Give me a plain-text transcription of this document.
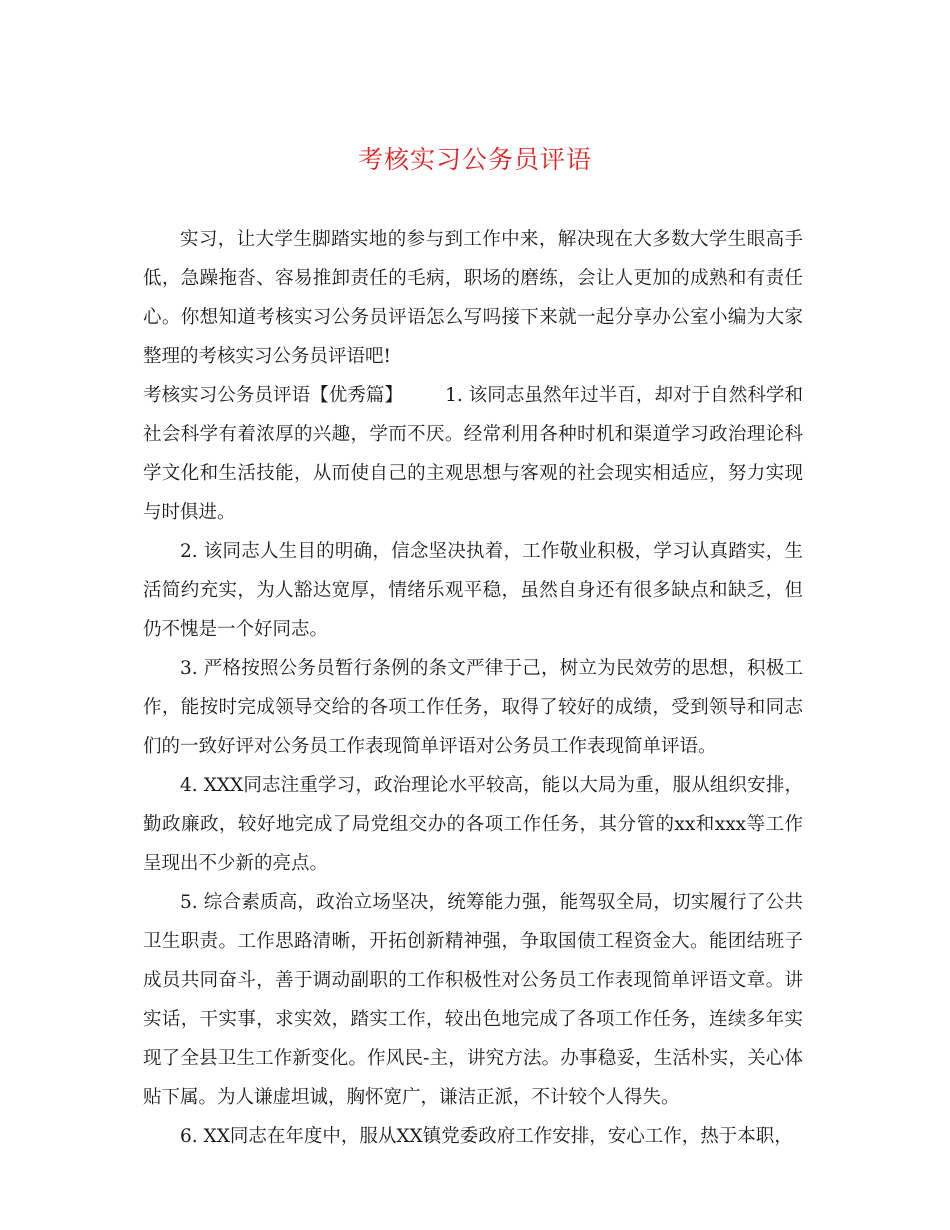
考核实习公务员评语

实习，让大学生脚踏实地的参与到工作中来，解决现在大多数大学生眼高手低，急躁拖沓、容易推卸责任的毛病，职场的磨练，会让人更加的成熟和有责任心。你想知道考核实习公务员评语怎么写吗接下来就一起分享办公室小编为大家整理的考核实习公务员评语吧!

考核实习公务员评语【优秀篇】 1. 该同志虽然年过半百，却对于自然科学和社会科学有着浓厚的兴趣，学而不厌。经常利用各种时机和渠道学习政治理论科学文化和生活技能，从而使自己的主观思想与客观的社会现实相适应，努力实现与时俱进。

2. 该同志人生目的明确，信念坚决执着，工作敬业积极，学习认真踏实，生活简约充实，为人豁达宽厚，情绪乐观平稳，虽然自身还有很多缺点和缺乏，但仍不愧是一个好同志。

3. 严格按照公务员暂行条例的条文严律于己，树立为民效劳的思想，积极工作，能按时完成领导交给的各项工作任务，取得了较好的成绩，受到领导和同志们的一致好评对公务员工作表现简单评语对公务员工作表现简单评语。

4. XXX同志注重学习，政治理论水平较高，能以大局为重，服从组织安排，勤政廉政，较好地完成了局党组交办的各项工作任务，其分管的xx和xxx等工作呈现出不少新的亮点。

5. 综合素质高，政治立场坚决，统筹能力强，能驾驭全局，切实履行了公共卫生职责。工作思路清晰，开拓创新精神强，争取国债工程资金大。能团结班子成员共同奋斗，善于调动副职的工作积极性对公务员工作表现简单评语文章。讲实话，干实事，求实效，踏实工作，较出色地完成了各项工作任务，连续多年实现了全县卫生工作新变化。作风民-主，讲究方法。办事稳妥，生活朴实，关心体贴下属。为人谦虚坦诚，胸怀宽广，谦洁正派，不计较个人得失。

6. XX同志在年度中，服从XX镇党委政府工作安排，安心工作，热于本职，
